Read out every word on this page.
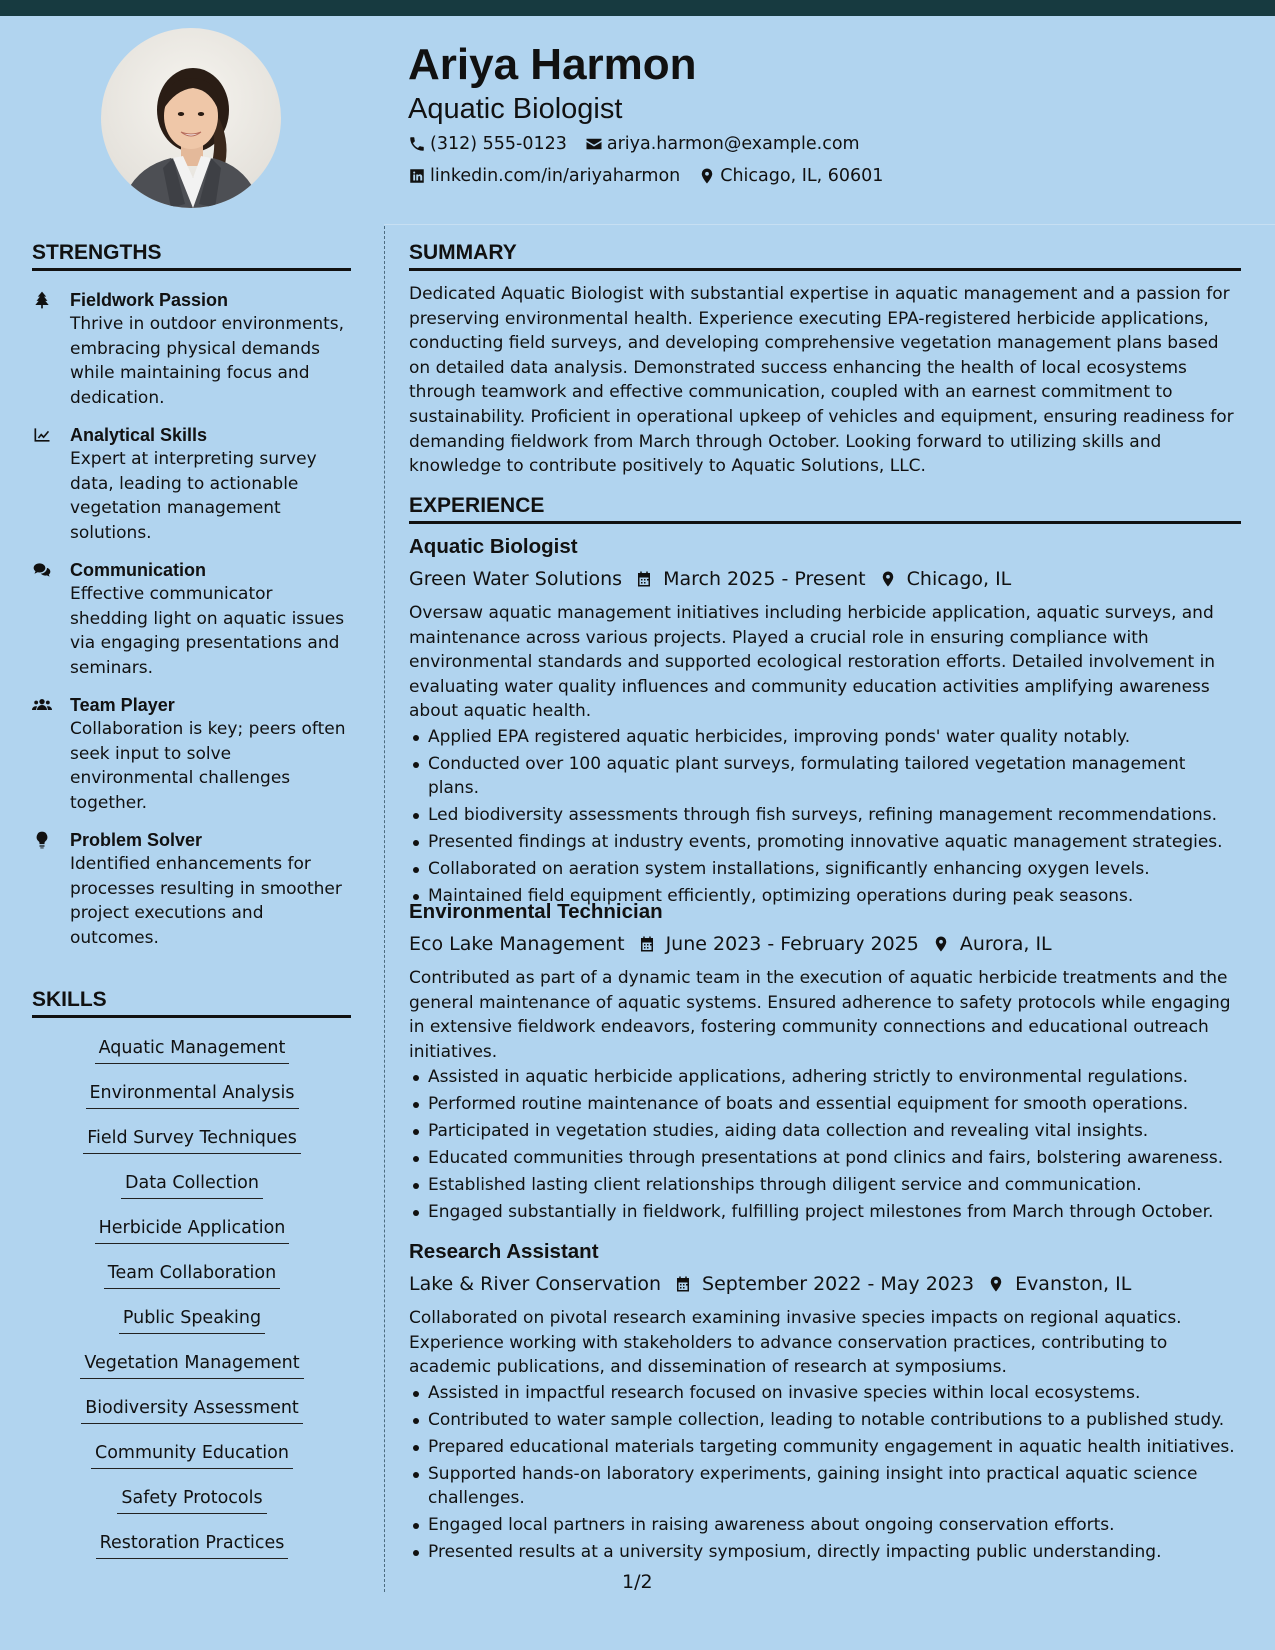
Ariya Harmon
Aquatic Biologist
(312) 555-0123 ariya.harmon@example.com
linkedin.com/in/ariyaharmon Chicago, IL, 60601
STRENGTHS
Fieldwork Passion
Thrive in outdoor environments, embracing physical demands while maintaining focus and dedication.
Analytical Skills
Expert at interpreting survey data, leading to actionable vegetation management solutions.
Communication
Effective communicator shedding light on aquatic issues via engaging presentations and seminars.
Team Player
Collaboration is key; peers often seek input to solve environmental challenges together.
Problem Solver
Identified enhancements for processes resulting in smoother project executions and outcomes.
SKILLS
Aquatic Management
Environmental Analysis
Field Survey Techniques
Data Collection
Herbicide Application
Team Collaboration
Public Speaking
Vegetation Management
Biodiversity Assessment
Community Education
Safety Protocols
Restoration Practices
SUMMARY
Dedicated Aquatic Biologist with substantial expertise in aquatic management and a passion for preserving environmental health. Experience executing EPA-registered herbicide applications, conducting field surveys, and developing comprehensive vegetation management plans based on detailed data analysis. Demonstrated success enhancing the health of local ecosystems through teamwork and effective communication, coupled with an earnest commitment to sustainability. Proficient in operational upkeep of vehicles and equipment, ensuring readiness for demanding fieldwork from March through October. Looking forward to utilizing skills and knowledge to contribute positively to Aquatic Solutions, LLC.
EXPERIENCE
Aquatic Biologist
Green Water Solutions March 2025 - Present Chicago, IL
Oversaw aquatic management initiatives including herbicide application, aquatic surveys, and maintenance across various projects. Played a crucial role in ensuring compliance with environmental standards and supported ecological restoration efforts. Detailed involvement in evaluating water quality influences and community education activities amplifying awareness about aquatic health.
Applied EPA registered aquatic herbicides, improving ponds' water quality notably.
Conducted over 100 aquatic plant surveys, formulating tailored vegetation management plans.
Led biodiversity assessments through fish surveys, refining management recommendations.
Presented findings at industry events, promoting innovative aquatic management strategies.
Collaborated on aeration system installations, significantly enhancing oxygen levels.
Maintained field equipment efficiently, optimizing operations during peak seasons.
Environmental Technician
Eco Lake Management June 2023 - February 2025 Aurora, IL
Contributed as part of a dynamic team in the execution of aquatic herbicide treatments and the general maintenance of aquatic systems. Ensured adherence to safety protocols while engaging in extensive fieldwork endeavors, fostering community connections and educational outreach initiatives.
Assisted in aquatic herbicide applications, adhering strictly to environmental regulations.
Performed routine maintenance of boats and essential equipment for smooth operations.
Participated in vegetation studies, aiding data collection and revealing vital insights.
Educated communities through presentations at pond clinics and fairs, bolstering awareness.
Established lasting client relationships through diligent service and communication.
Engaged substantially in fieldwork, fulfilling project milestones from March through October.
Research Assistant
Lake & River Conservation September 2022 - May 2023 Evanston, IL
Collaborated on pivotal research examining invasive species impacts on regional aquatics. Experience working with stakeholders to advance conservation practices, contributing to academic publications, and dissemination of research at symposiums.
Assisted in impactful research focused on invasive species within local ecosystems.
Contributed to water sample collection, leading to notable contributions to a published study.
Prepared educational materials targeting community engagement in aquatic health initiatives.
Supported hands-on laboratory experiments, gaining insight into practical aquatic science challenges.
Engaged local partners in raising awareness about ongoing conservation efforts.
Presented results at a university symposium, directly impacting public understanding.
1/2
